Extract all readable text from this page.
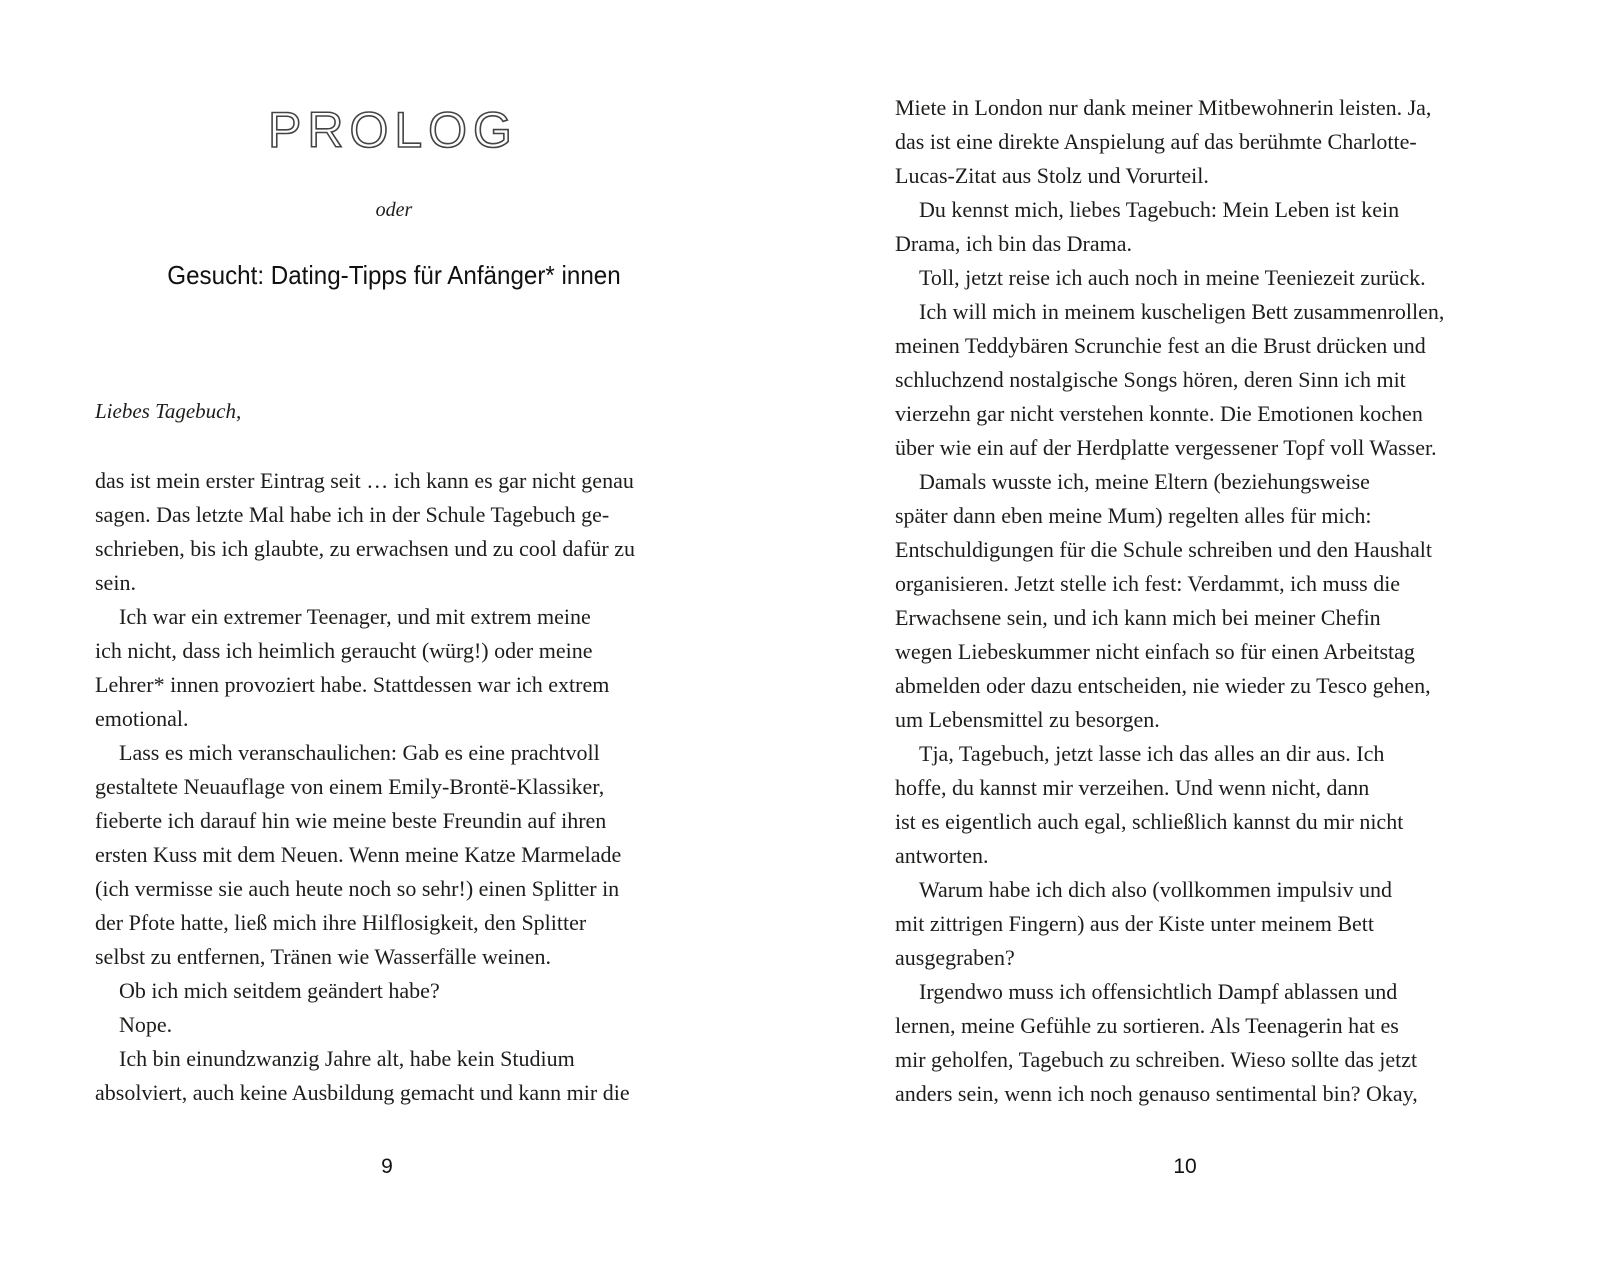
PROLOG
oder
Gesucht: Dating-Tipps für Anfänger* innen
Liebes Tagebuch,
das ist mein erster Eintrag seit … ich kann es gar nicht genau
sagen. Das letzte Mal habe ich in der Schule Tagebuch ge-
schrieben, bis ich glaubte, zu erwachsen und zu cool dafür zu
sein.
Ich war ein extremer Teenager, und mit extrem meine
ich nicht, dass ich heimlich geraucht (würg!) oder meine
Lehrer* innen provoziert habe. Stattdessen war ich extrem
emotional.
Lass es mich veranschaulichen: Gab es eine prachtvoll
gestaltete Neuauflage von einem Emily-Brontë-Klassiker,
fieberte ich darauf hin wie meine beste Freundin auf ihren
ersten Kuss mit dem Neuen. Wenn meine Katze Marmelade
(ich vermisse sie auch heute noch so sehr!) einen Splitter in
der Pfote hatte, ließ mich ihre Hilflosigkeit, den Splitter
selbst zu entfernen, Tränen wie Wasserfälle weinen.
Ob ich mich seitdem geändert habe?
Nope.
Ich bin einundzwanzig Jahre alt, habe kein Studium
absolviert, auch keine Ausbildung gemacht und kann mir die
9
Miete in London nur dank meiner Mitbewohnerin leisten. Ja,
das ist eine direkte Anspielung auf das berühmte Charlotte-
Lucas-Zitat aus Stolz und Vorurteil.
Du kennst mich, liebes Tagebuch: Mein Leben ist kein
Drama, ich bin das Drama.
Toll, jetzt reise ich auch noch in meine Teeniezeit zurück.
Ich will mich in meinem kuscheligen Bett zusammenrollen,
meinen Teddybären Scrunchie fest an die Brust drücken und
schluchzend nostalgische Songs hören, deren Sinn ich mit
vierzehn gar nicht verstehen konnte. Die Emotionen kochen
über wie ein auf der Herdplatte vergessener Topf voll Wasser.
Damals wusste ich, meine Eltern (beziehungsweise
später dann eben meine Mum) regelten alles für mich:
Entschuldigungen für die Schule schreiben und den Haushalt
organisieren. Jetzt stelle ich fest: Verdammt, ich muss die
Erwachsene sein, und ich kann mich bei meiner Chefin
wegen Liebeskummer nicht einfach so für einen Arbeitstag
abmelden oder dazu entscheiden, nie wieder zu Tesco gehen,
um Lebensmittel zu besorgen.
Tja, Tagebuch, jetzt lasse ich das alles an dir aus. Ich
hoffe, du kannst mir verzeihen. Und wenn nicht, dann
ist es eigentlich auch egal, schließlich kannst du mir nicht
antworten.
Warum habe ich dich also (vollkommen impulsiv und
mit zittrigen Fingern) aus der Kiste unter meinem Bett
ausgegraben?
Irgendwo muss ich offensichtlich Dampf ablassen und
lernen, meine Gefühle zu sortieren. Als Teenagerin hat es
mir geholfen, Tagebuch zu schreiben. Wieso sollte das jetzt
anders sein, wenn ich noch genauso sentimental bin? Okay,
10
